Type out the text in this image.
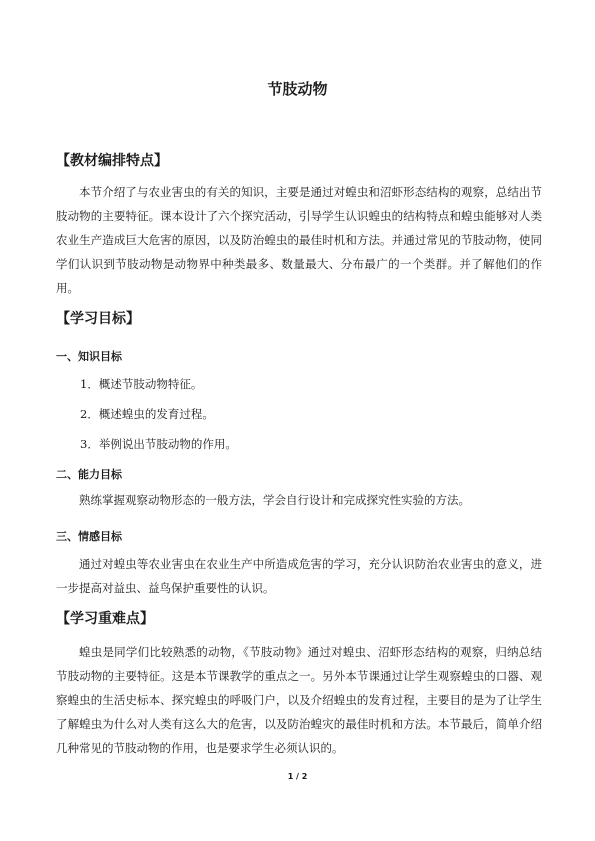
节肢动物
【教材编排特点】

本节介绍了与农业害虫的有关的知识，主要是通过对蝗虫和沼虾形态结构的观察，总结出节肢动物的主要特征。课本设计了六个探究活动，引导学生认识蝗虫的结构特点和蝗虫能够对人类农业生产造成巨大危害的原因，以及防治蝗虫的最佳时机和方法。并通过常见的节肢动物，使同学们认识到节肢动物是动物界中种类最多、数量最大、分布最广的一个类群。并了解他们的作用。

【学习目标】
一、知识目标
1．概述节肢动物特征。
2．概述蝗虫的发育过程。
3．举例说出节肢动物的作用。
二、能力目标

熟练掌握观察动物形态的一般方法，学会自行设计和完成探究性实验的方法。

三、情感目标

通过对蝗虫等农业害虫在农业生产中所造成危害的学习，充分认识防治农业害虫的意义，进一步提高对益虫、益鸟保护重要性的认识。

【学习重难点】

蝗虫是同学们比较熟悉的动物，《节肢动物》通过对蝗虫、沼虾形态结构的观察，归纳总结节肢动物的主要特征。这是本节课教学的重点之一。另外本节课通过让学生观察蝗虫的口器、观察蝗虫的生活史标本、探究蝗虫的呼吸门户，以及介绍蝗虫的发育过程，主要目的是为了让学生了解蝗虫为什么对人类有这么大的危害，以及防治蝗灾的最佳时机和方法。本节最后，简单介绍几种常见的节肢动物的作用，也是要求学生必须认识的。

1 / 2
